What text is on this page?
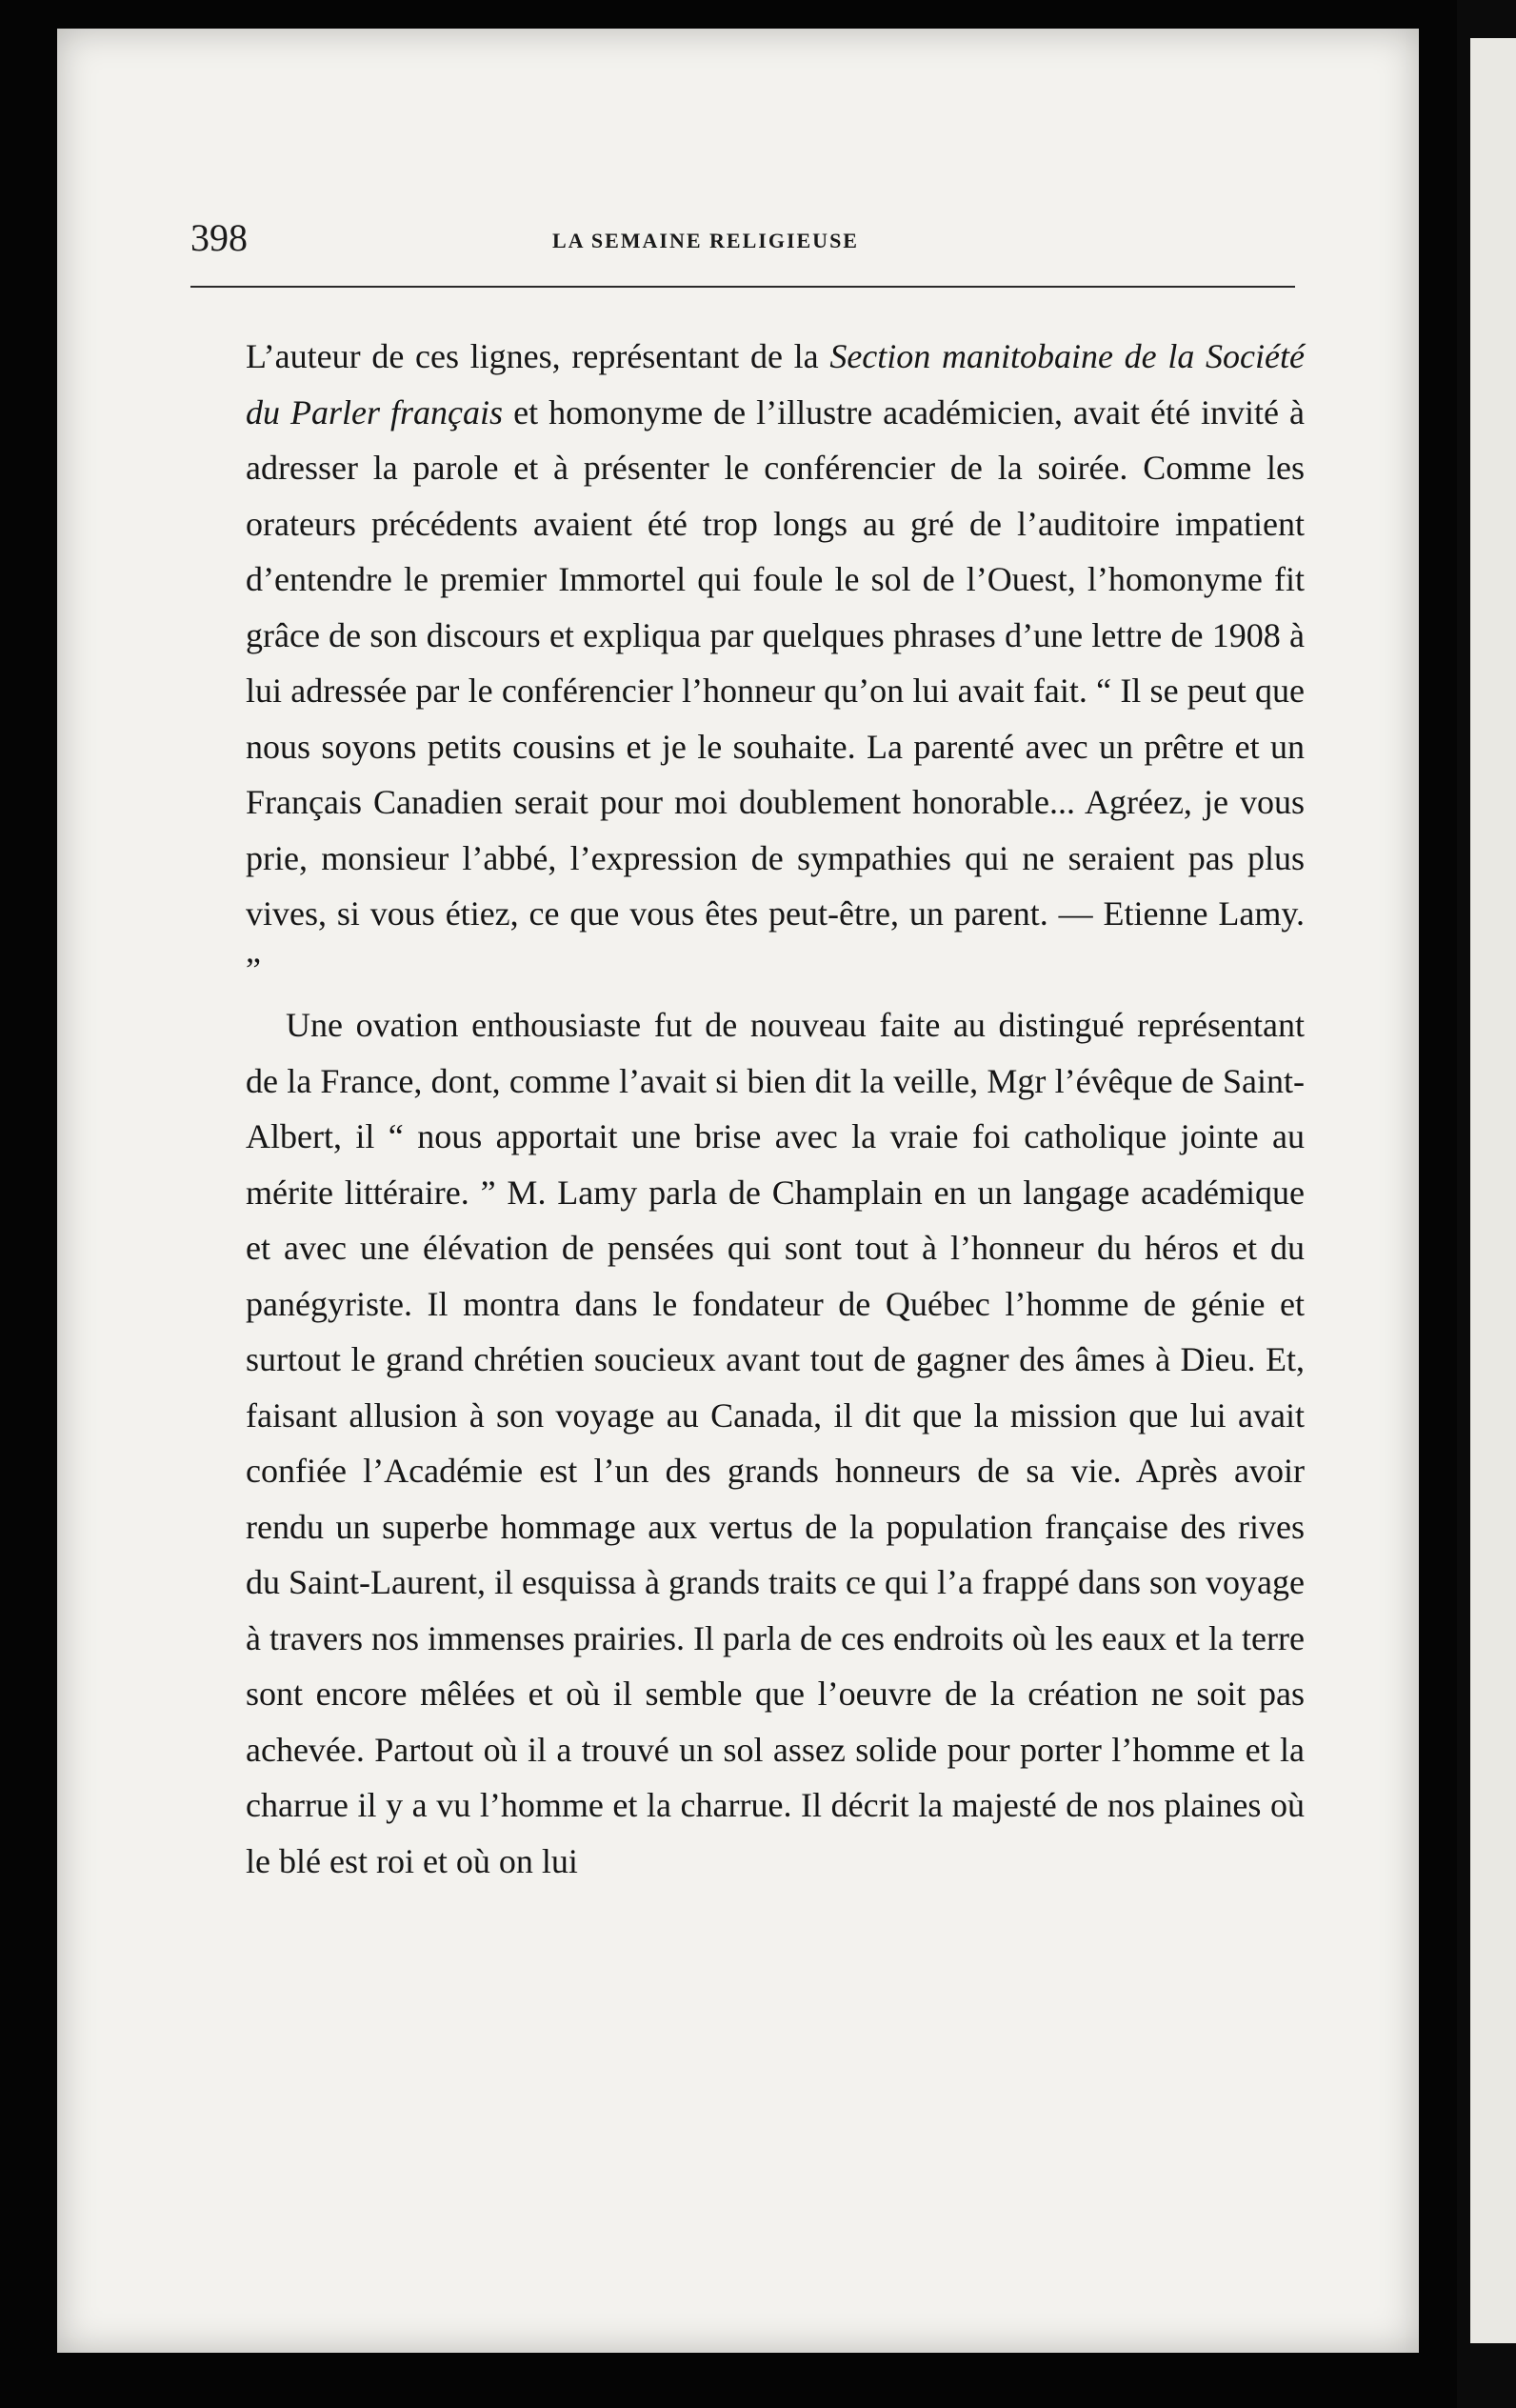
398	LA SEMAINE RELIGIEUSE

L’auteur de ces lignes, représentant de la Section manitobaine de la Société du Parler français et homonyme de l’illustre académicien, avait été invité à adresser la parole et à présenter le conférencier de la soirée. Comme les orateurs précédents avaient été trop longs au gré de l’auditoire impatient d’entendre le premier Immortel qui foule le sol de l’Ouest, l’homonyme fit grâce de son discours et expliqua par quelques phrases d’une lettre de 1908 à lui adressée par le conférencier l’honneur qu’on lui avait fait. “ Il se peut que nous soyons petits cousins et je le souhaite. La parenté avec un prêtre et un Français Canadien serait pour moi doublement honorable... Agréez, je vous prie, monsieur l’abbé, l’expression de sympathies qui ne seraient pas plus vives, si vous étiez, ce que vous êtes peut-être, un parent. — Etienne Lamy. ”

Une ovation enthousiaste fut de nouveau faite au distingué représentant de la France, dont, comme l’avait si bien dit la veille, Mgr l’évêque de Saint-Albert, il “ nous apportait une brise avec la vraie foi catholique jointe au mérite littéraire. ” M. Lamy parla de Champlain en un langage académique et avec une élévation de pensées qui sont tout à l’honneur du héros et du panégyriste. Il montra dans le fondateur de Québec l’homme de génie et surtout le grand chrétien soucieux avant tout de gagner des âmes à Dieu. Et, faisant allusion à son voyage au Canada, il dit que la mission que lui avait confiée l’Académie est l’un des grands honneurs de sa vie. Après avoir rendu un superbe hommage aux vertus de la population française des rives du Saint-Laurent, il esquissa à grands traits ce qui l’a frappé dans son voyage à travers nos immenses prairies. Il parla de ces endroits où les eaux et la terre sont encore mêlées et où il semble que l’oeuvre de la création ne soit pas achevée. Partout où il a trouvé un sol assez solide pour porter l’homme et la charrue il y a vu l’homme et la charrue. Il décrit la majesté de nos plaines où le blé est roi et où on lui
